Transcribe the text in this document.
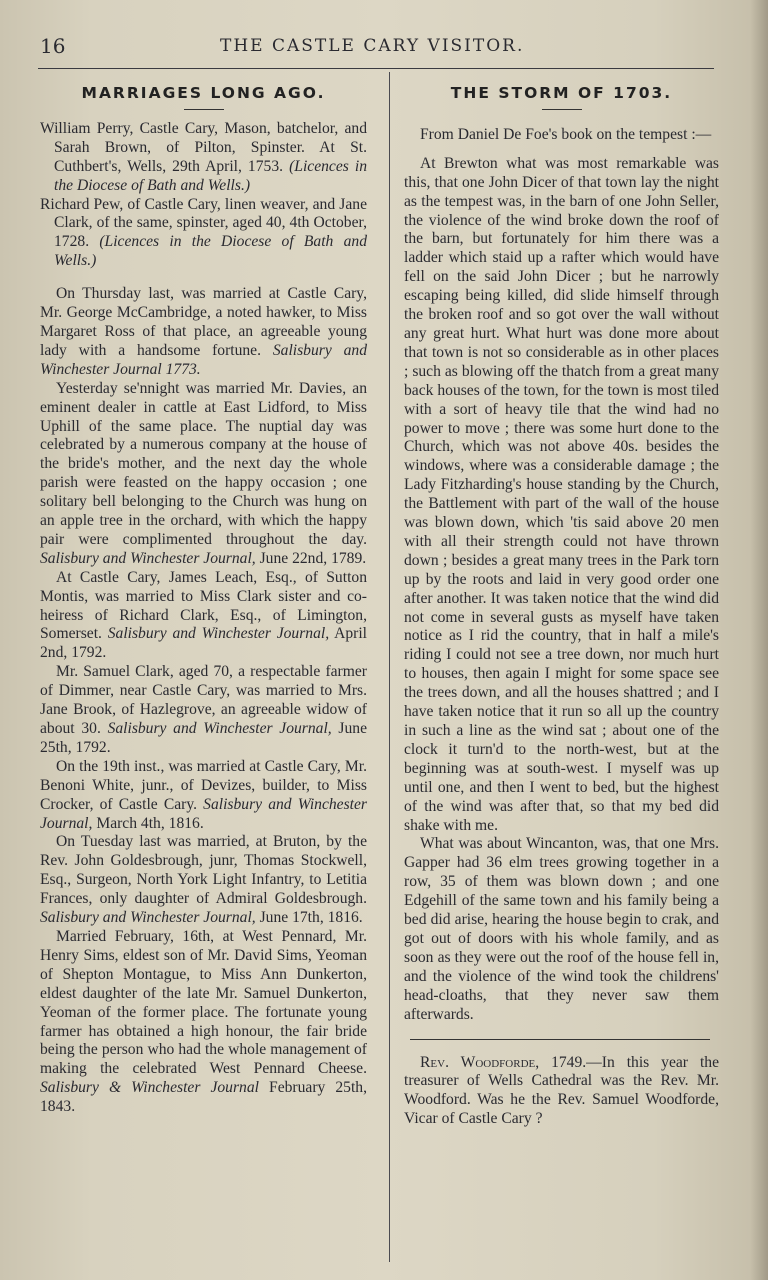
16	THE CASTLE CARY VISITOR.
MARRIAGES LONG AGO.

William Perry, Castle Cary, Mason, batchelor, and Sarah Brown, of Pilton, Spinster. At St. Cuthbert's, Wells, 29th April, 1753. (Licences in the Diocese of Bath and Wells.)

Richard Pew, of Castle Cary, linen weaver, and Jane Clark, of the same, spinster, aged 40, 4th October, 1728. (Licences in the Diocese of Bath and Wells.)

On Thursday last, was married at Castle Cary, Mr. George McCambridge, a noted hawker, to Miss Margaret Ross of that place, an agreeable young lady with a handsome fortune. Salisbury and Winchester Journal 1773.

Yesterday se'nnight was married Mr. Davies, an eminent dealer in cattle at East Lidford, to Miss Uphill of the same place. The nuptial day was celebrated by a numerous company at the house of the bride's mother, and the next day the whole parish were feasted on the happy occasion ; one solitary bell belonging to the Church was hung on an apple tree in the orchard, with which the happy pair were complimented throughout the day. Salisbury and Winchester Journal, June 22nd, 1789.

At Castle Cary, James Leach, Esq., of Sutton Montis, was married to Miss Clark sister and co-heiress of Richard Clark, Esq., of Limington, Somerset. Salisbury and Winchester Journal, April 2nd, 1792.

Mr. Samuel Clark, aged 70, a respectable farmer of Dimmer, near Castle Cary, was married to Mrs. Jane Brook, of Hazlegrove, an agreeable widow of about 30. Salisbury and Winchester Journal, June 25th, 1792.

On the 19th inst., was married at Castle Cary, Mr. Benoni White, junr., of Devizes, builder, to Miss Crocker, of Castle Cary. Salisbury and Winchester Journal, March 4th, 1816.

On Tuesday last was married, at Bruton, by the Rev. John Goldesbrough, junr, Thomas Stockwell, Esq., Surgeon, North York Light Infantry, to Letitia Frances, only daughter of Admiral Goldesbrough. Salisbury and Winchester Journal, June 17th, 1816.

Married February, 16th, at West Pennard, Mr. Henry Sims, eldest son of Mr. David Sims, Yeoman of Shepton Montague, to Miss Ann Dunkerton, eldest daughter of the late Mr. Samuel Dunkerton, Yeoman of the former place. The fortunate young farmer has obtained a high honour, the fair bride being the person who had the whole management of making the celebrated West Pennard Cheese. Salisbury & Winchester Journal February 25th, 1843.

THE STORM OF 1703.

From Daniel De Foe's book on the tempest :—

At Brewton what was most remarkable was this, that one John Dicer of that town lay the night as the tempest was, in the barn of one John Seller, the violence of the wind broke down the roof of the barn, but fortunately for him there was a ladder which staid up a rafter which would have fell on the said John Dicer ; but he narrowly escaping being killed, did slide himself through the broken roof and so got over the wall without any great hurt. What hurt was done more about that town is not so considerable as in other places ; such as blowing off the thatch from a great many back houses of the town, for the town is most tiled with a sort of heavy tile that the wind had no power to move ; there was some hurt done to the Church, which was not above 40s. besides the windows, where was a considerable damage ; the Lady Fitzharding's house standing by the Church, the Battlement with part of the wall of the house was blown down, which 'tis said above 20 men with all their strength could not have thrown down ; besides a great many trees in the Park torn up by the roots and laid in very good order one after another. It was taken notice that the wind did not come in several gusts as myself have taken notice as I rid the country, that in half a mile's riding I could not see a tree down, nor much hurt to houses, then again I might for some space see the trees down, and all the houses shattred ; and I have taken notice that it run so all up the country in such a line as the wind sat ; about one of the clock it turn'd to the north-west, but at the beginning was at south-west. I myself was up until one, and then I went to bed, but the highest of the wind was after that, so that my bed did shake with me.

What was about Wincanton, was, that one Mrs. Gapper had 36 elm trees growing together in a row, 35 of them was blown down ; and one Edgehill of the same town and his family being a bed did arise, hearing the house begin to crak, and got out of doors with his whole family, and as soon as they were out the roof of the house fell in, and the violence of the wind took the childrens' head-cloaths, that they never saw them afterwards.

Rev. Woodforde, 1749.—In this year the treasurer of Wells Cathedral was the Rev. Mr. Woodford. Was he the Rev. Samuel Woodforde, Vicar of Castle Cary ?
